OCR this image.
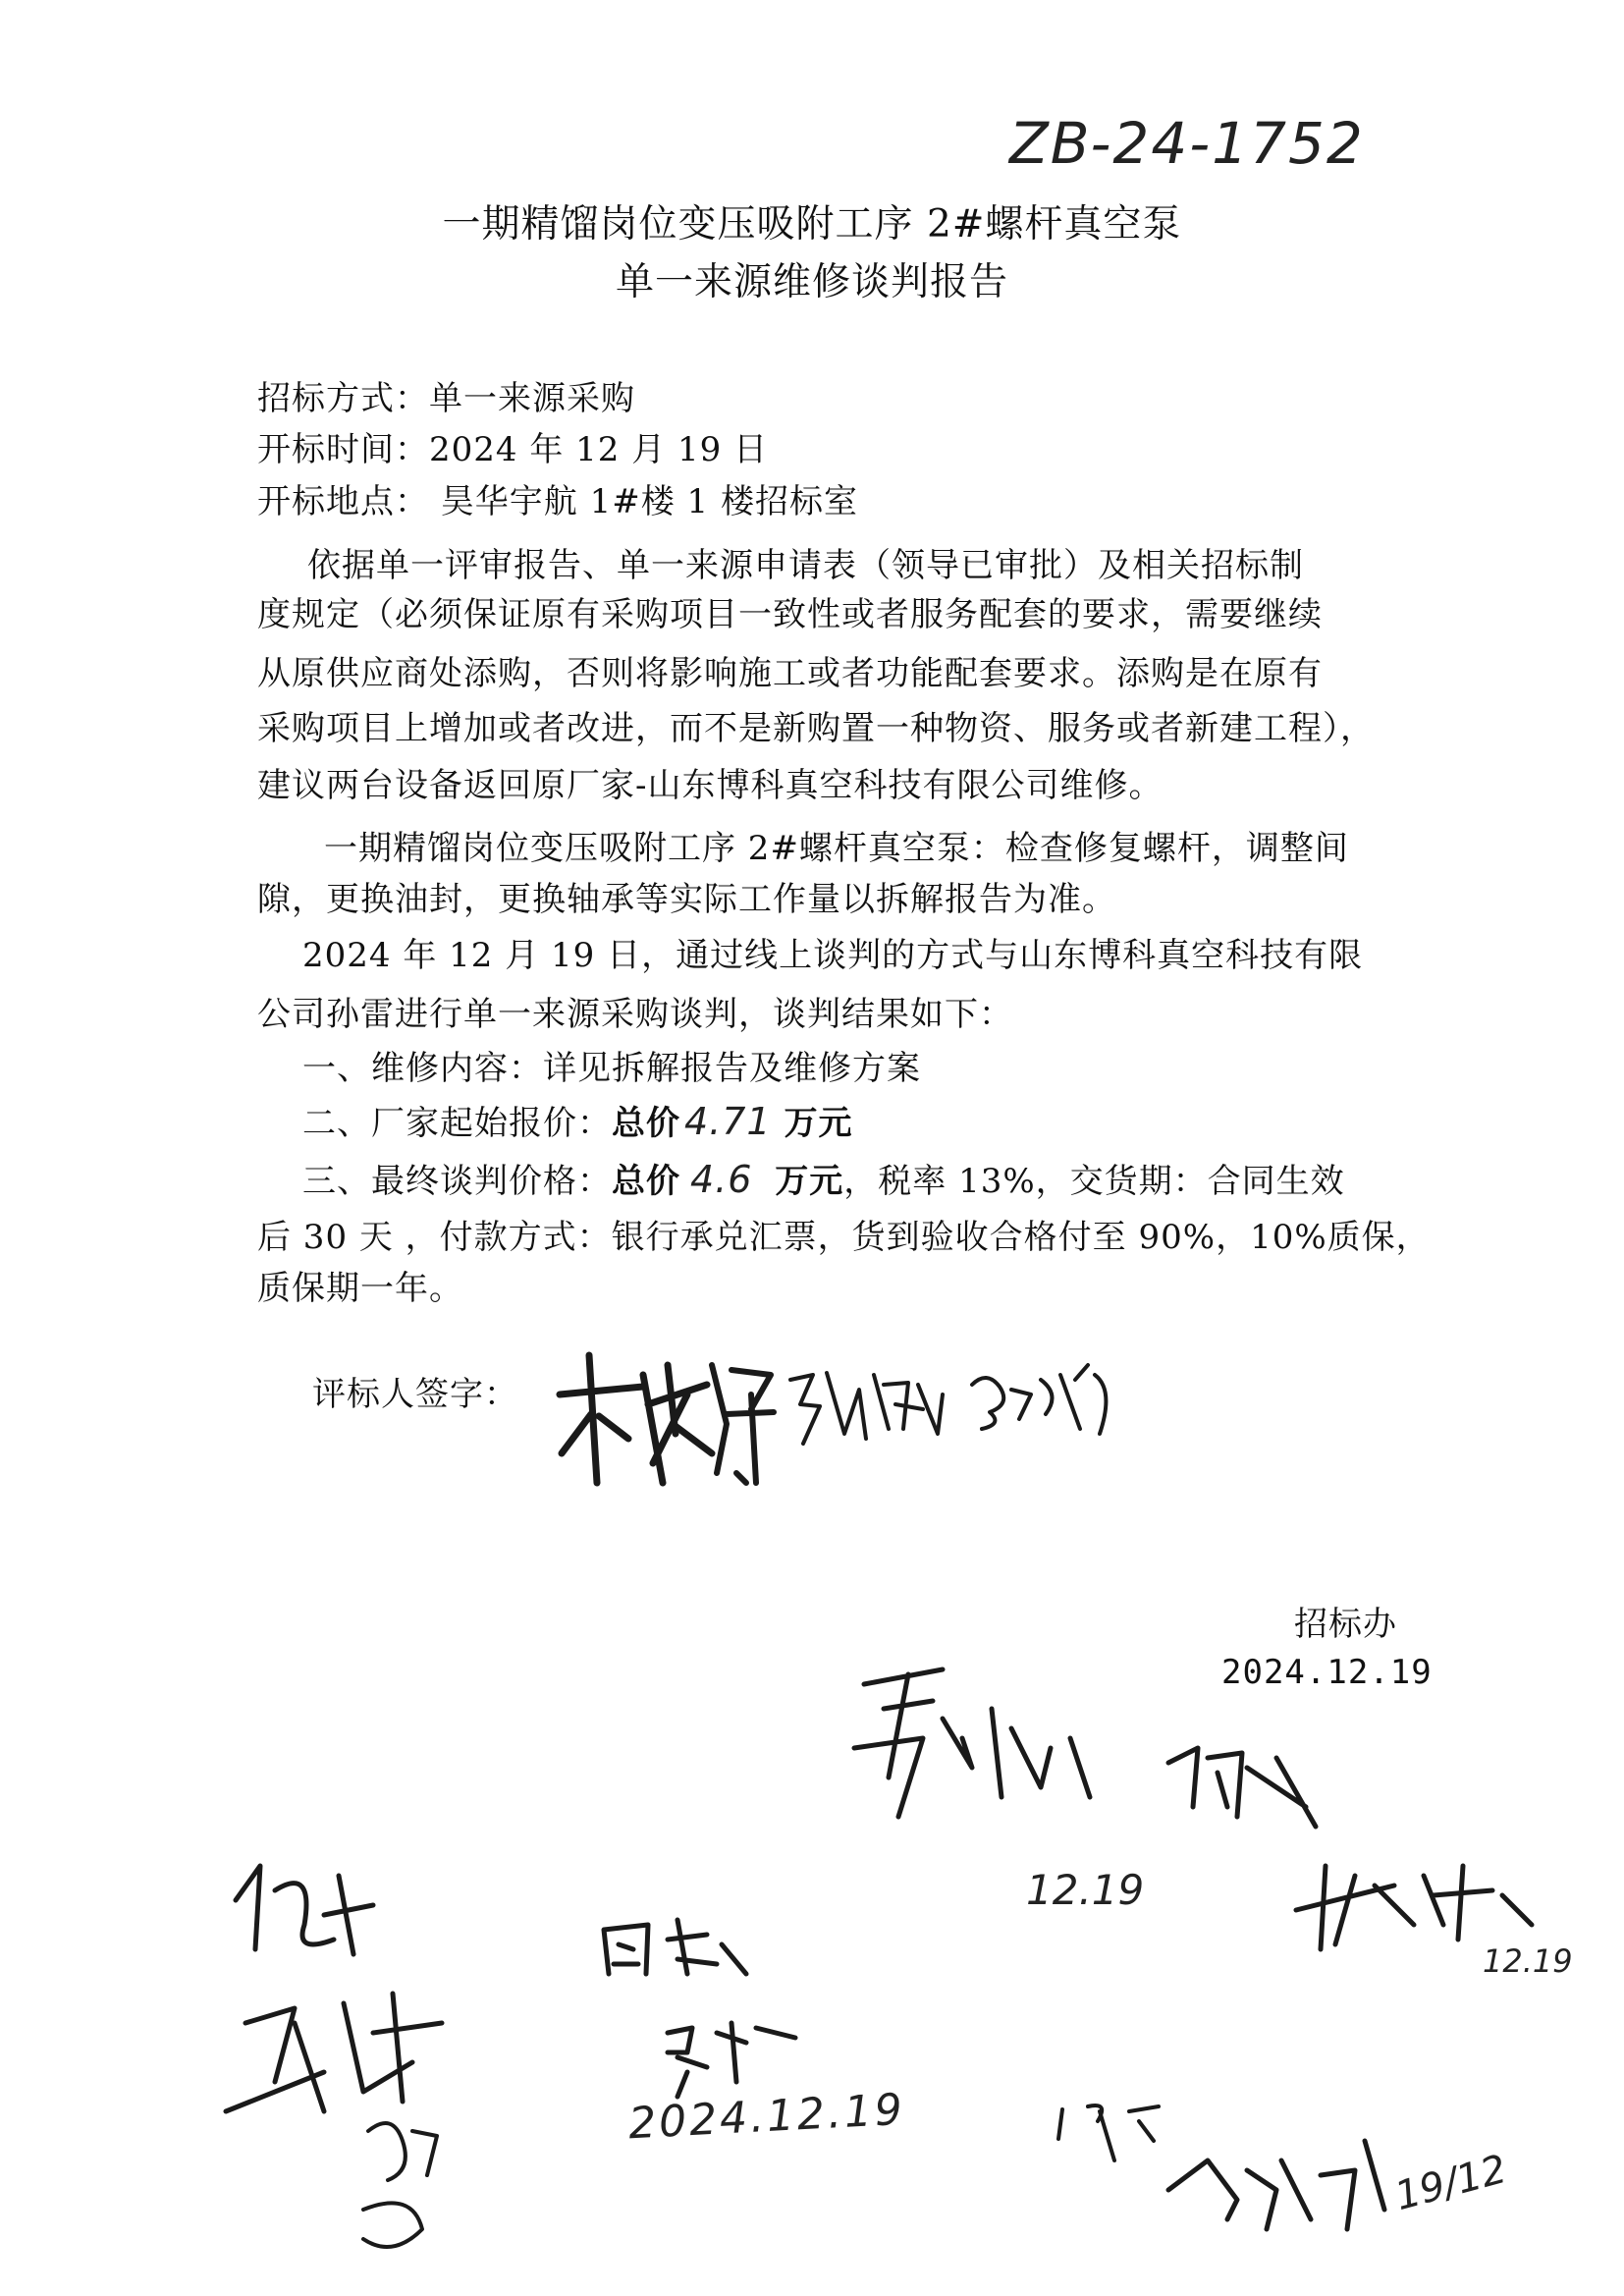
ZB-24-1752
一期精馏岗位变压吸附工序 2#螺杆真空泵
单一来源维修谈判报告
招标方式：单一来源采购
开标时间：2024 年 12 月 19 日
开标地点： 昊华宇航 1#楼 1 楼招标室
依据单一评审报告、单一来源申请表（领导已审批）及相关招标制
度规定（必须保证原有采购项目一致性或者服务配套的要求，需要继续
从原供应商处添购，否则将影响施工或者功能配套要求。添购是在原有
采购项目上增加或者改进，而不是新购置一种物资、服务或者新建工程），
建议两台设备返回原厂家-山东博科真空科技有限公司维修。
一期精馏岗位变压吸附工序 2#螺杆真空泵：检查修复螺杆，调整间
隙，更换油封，更换轴承等实际工作量以拆解报告为准。
2024 年 12 月 19 日，通过线上谈判的方式与山东博科真空科技有限
公司孙雷进行单一来源采购谈判，谈判结果如下：
一、维修内容：详见拆解报告及维修方案
二、厂家起始报价：总价 4.71 万元
三、最终谈判价格：总价 4.6 万元，税率 13%，交货期：合同生效
后 30 天 ，付款方式：银行承兑汇票，货到验收合格付至 90%，10%质保，
质保期一年。
评标人签字：
招标办
2024.12.19
12.19
12.19
2024.12.19
19/12
